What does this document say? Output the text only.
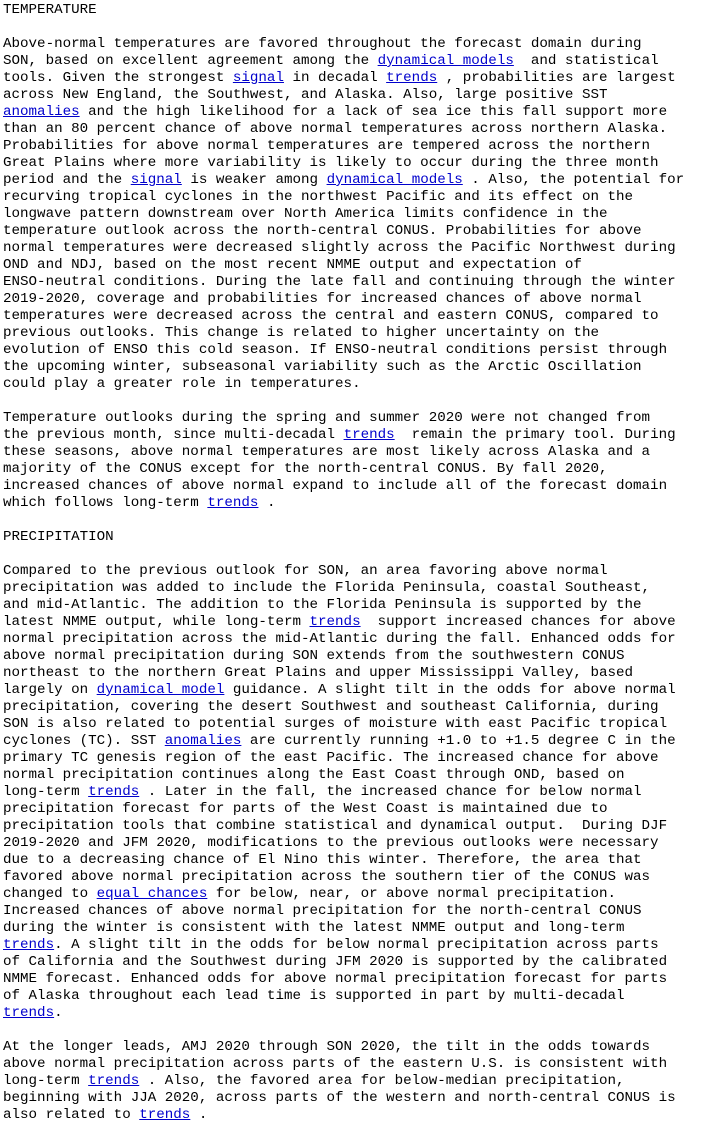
TEMPERATURE

Above-normal temperatures are favored throughout the forecast domain during
SON, based on excellent agreement among the dynamical models  and statistical
tools. Given the strongest signal in decadal trends , probabilities are largest
across New England, the Southwest, and Alaska. Also, large positive SST
anomalies and the high likelihood for a lack of sea ice this fall support more
than an 80 percent chance of above normal temperatures across northern Alaska.
Probabilities for above normal temperatures are tempered across the northern
Great Plains where more variability is likely to occur during the three month
period and the signal is weaker among dynamical models . Also, the potential for
recurving tropical cyclones in the northwest Pacific and its effect on the
longwave pattern downstream over North America limits confidence in the
temperature outlook across the north-central CONUS. Probabilities for above
normal temperatures were decreased slightly across the Pacific Northwest during
OND and NDJ, based on the most recent NMME output and expectation of
ENSO-neutral conditions. During the late fall and continuing through the winter
2019-2020, coverage and probabilities for increased chances of above normal
temperatures were decreased across the central and eastern CONUS, compared to
previous outlooks. This change is related to higher uncertainty on the
evolution of ENSO this cold season. If ENSO-neutral conditions persist through
the upcoming winter, subseasonal variability such as the Arctic Oscillation
could play a greater role in temperatures.

Temperature outlooks during the spring and summer 2020 were not changed from
the previous month, since multi-decadal trends  remain the primary tool. During
these seasons, above normal temperatures are most likely across Alaska and a
majority of the CONUS except for the north-central CONUS. By fall 2020,
increased chances of above normal expand to include all of the forecast domain
which follows long-term trends .

PRECIPITATION

Compared to the previous outlook for SON, an area favoring above normal
precipitation was added to include the Florida Peninsula, coastal Southeast,
and mid-Atlantic. The addition to the Florida Peninsula is supported by the
latest NMME output, while long-term trends  support increased chances for above
normal precipitation across the mid-Atlantic during the fall. Enhanced odds for
above normal precipitation during SON extends from the southwestern CONUS
northeast to the northern Great Plains and upper Mississippi Valley, based
largely on dynamical model guidance. A slight tilt in the odds for above normal
precipitation, covering the desert Southwest and southeast California, during
SON is also related to potential surges of moisture with east Pacific tropical
cyclones (TC). SST anomalies are currently running +1.0 to +1.5 degree C in the
primary TC genesis region of the east Pacific. The increased chance for above
normal precipitation continues along the East Coast through OND, based on
long-term trends . Later in the fall, the increased chance for below normal
precipitation forecast for parts of the West Coast is maintained due to
precipitation tools that combine statistical and dynamical output.  During DJF
2019-2020 and JFM 2020, modifications to the previous outlooks were necessary
due to a decreasing chance of El Nino this winter. Therefore, the area that
favored above normal precipitation across the southern tier of the CONUS was
changed to equal chances for below, near, or above normal precipitation.
Increased chances of above normal precipitation for the north-central CONUS
during the winter is consistent with the latest NMME output and long-term
trends. A slight tilt in the odds for below normal precipitation across parts
of California and the Southwest during JFM 2020 is supported by the calibrated
NMME forecast. Enhanced odds for above normal precipitation forecast for parts
of Alaska throughout each lead time is supported in part by multi-decadal
trends.

At the longer leads, AMJ 2020 through SON 2020, the tilt in the odds towards
above normal precipitation across parts of the eastern U.S. is consistent with
long-term trends . Also, the favored area for below-median precipitation,
beginning with JJA 2020, across parts of the western and north-central CONUS is
also related to trends .
